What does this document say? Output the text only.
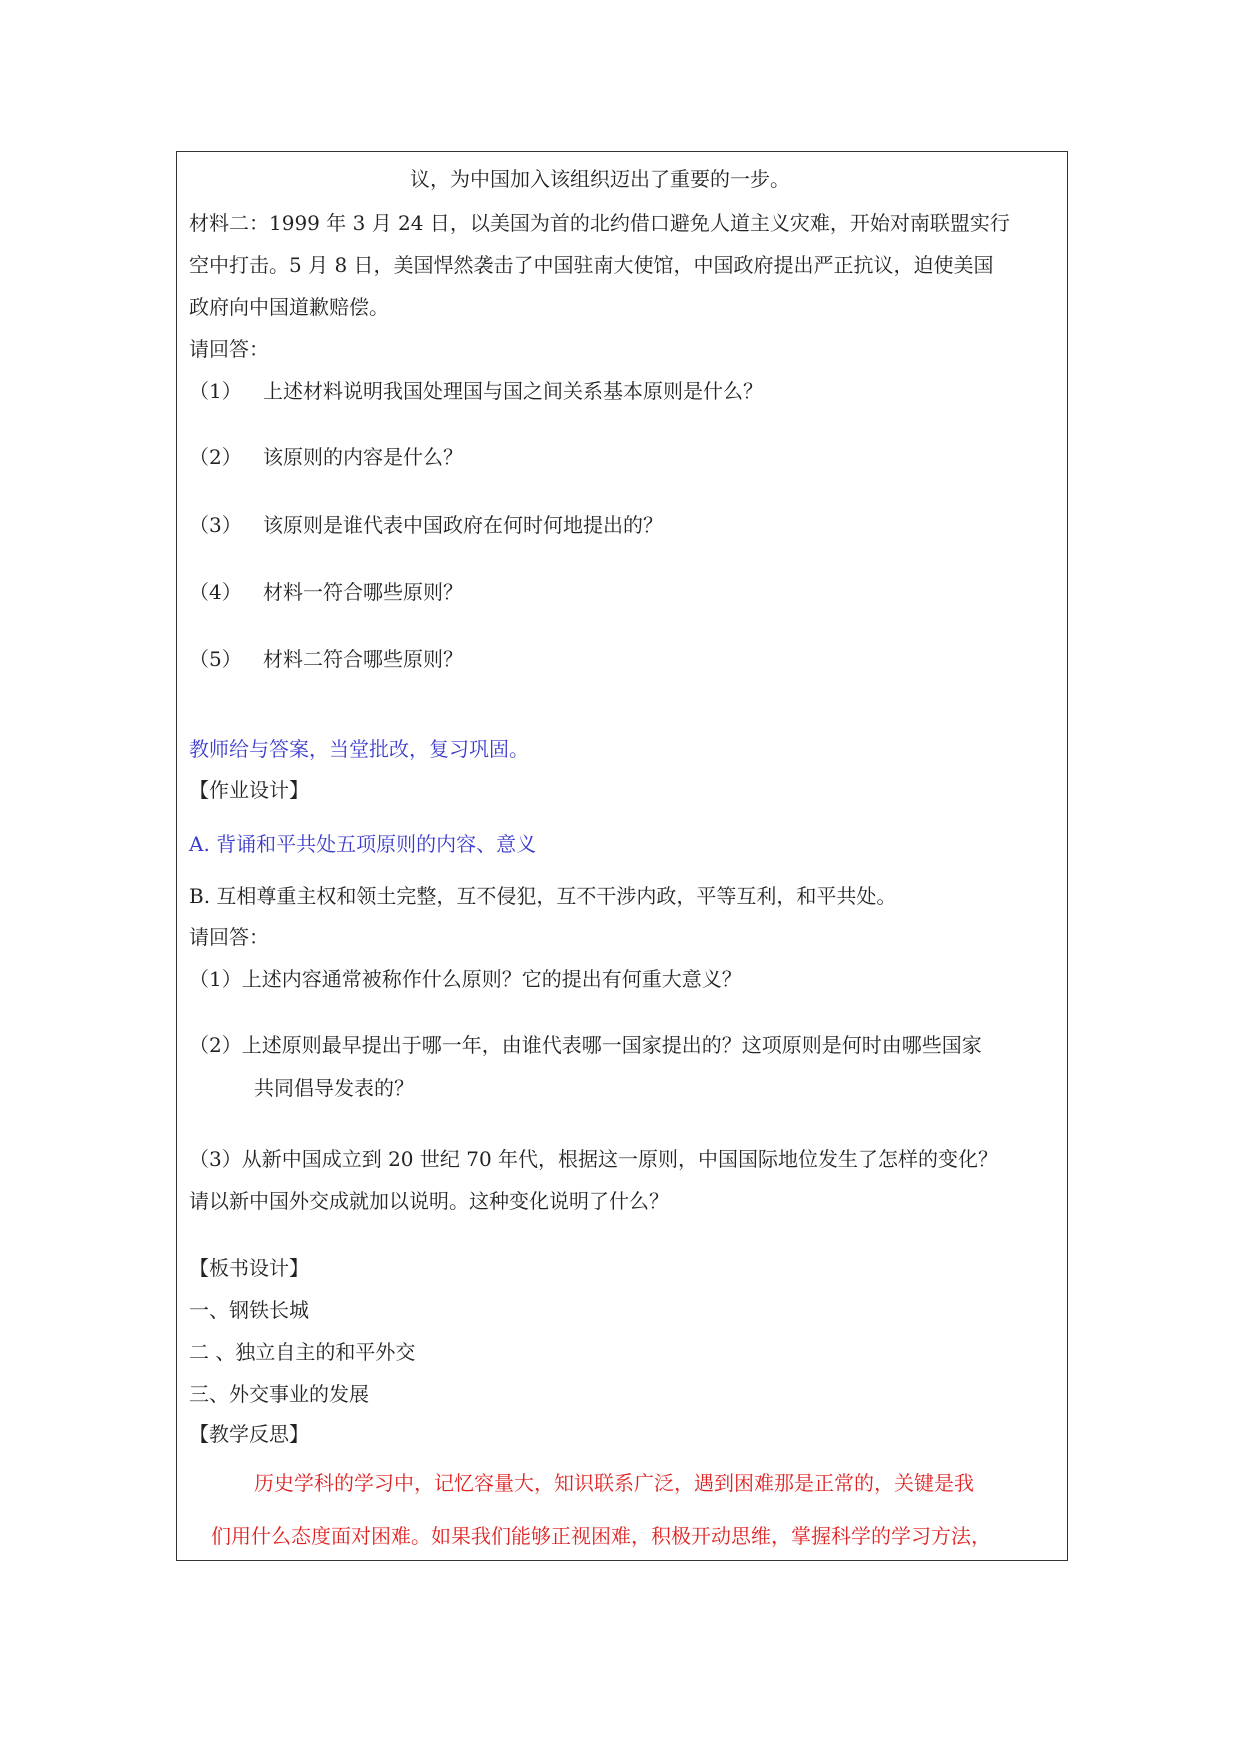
议，为中国加入该组织迈出了重要的一步。
材料二：1999 年 3 月 24 日，以美国为首的北约借口避免人道主义灾难，开始对南联盟实行
空中打击。5 月 8 日，美国悍然袭击了中国驻南大使馆，中国政府提出严正抗议，迫使美国
政府向中国道歉赔偿。
请回答：
（1） 上述材料说明我国处理国与国之间关系基本原则是什么？
（2） 该原则的内容是什么？
（3） 该原则是谁代表中国政府在何时何地提出的？
（4） 材料一符合哪些原则？
（5） 材料二符合哪些原则？
教师给与答案，当堂批改，复习巩固。
【作业设计】
A. 背诵和平共处五项原则的内容、意义
B. 互相尊重主权和领土完整，互不侵犯，互不干涉内政，平等互利，和平共处。
请回答：
（1）上述内容通常被称作什么原则？它的提出有何重大意义？
（2）上述原则最早提出于哪一年，由谁代表哪一国家提出的？这项原则是何时由哪些国家
共同倡导发表的？
（3）从新中国成立到 20 世纪 70 年代，根据这一原则，中国国际地位发生了怎样的变化？
请以新中国外交成就加以说明。这种变化说明了什么？
【板书设计】
一、钢铁长城
二 、独立自主的和平外交
三、外交事业的发展
【教学反思】
历史学科的学习中，记忆容量大，知识联系广泛，遇到困难那是正常的，关键是我
们用什么态度面对困难。如果我们能够正视困难，积极开动思维，掌握科学的学习方法，
